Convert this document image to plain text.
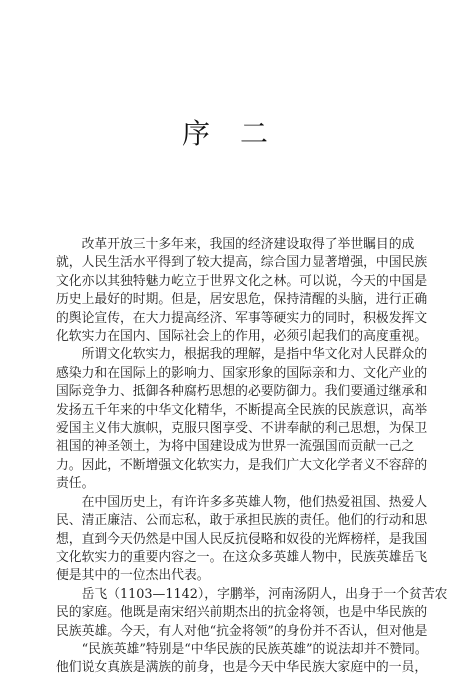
序 二
改革开放三十多年来，我国的经济建设取得了举世瞩目的成
就，人民生活水平得到了较大提高，综合国力显著增强，中国民族
文化亦以其独特魅力屹立于世界文化之林。可以说，今天的中国是
历史上最好的时期。但是，居安思危，保持清醒的头脑，进行正确
的舆论宣传，在大力提高经济、军事等硬实力的同时，积极发挥文
化软实力在国内、国际社会上的作用，必须引起我们的高度重视。
所谓文化软实力，根据我的理解，是指中华文化对人民群众的
感染力和在国际上的影响力、国家形象的国际亲和力、文化产业的
国际竞争力、抵御各种腐朽思想的必要防御力。我们要通过继承和
发扬五千年来的中华文化精华，不断提高全民族的民族意识，高举
爱国主义伟大旗帜，克服只图享受、不讲奉献的利己思想，为保卫
祖国的神圣领土，为将中国建设成为世界一流强国而贡献一己之
力。因此，不断增强文化软实力，是我们广大文化学者义不容辞的
责任。
在中国历史上，有许许多多英雄人物，他们热爱祖国、热爱人
民、清正廉洁、公而忘私，敢于承担民族的责任。他们的行动和思
想，直到今天仍然是中国人民反抗侵略和奴役的光辉榜样，是我国
文化软实力的重要内容之一。在这众多英雄人物中，民族英雄岳飞
便是其中的一位杰出代表。
岳飞（1103—1142），字鹏举，河南汤阴人，出身于一个贫苦农
民的家庭。他既是南宋绍兴前期杰出的抗金将领，也是中华民族的
民族英雄。今天，有人对他“抗金将领”的身份并不否认，但对他是
“民族英雄”特别是“中华民族的民族英雄”的说法却并不赞同。
他们说女真族是满族的前身，也是今天中华民族大家庭中的一员，
